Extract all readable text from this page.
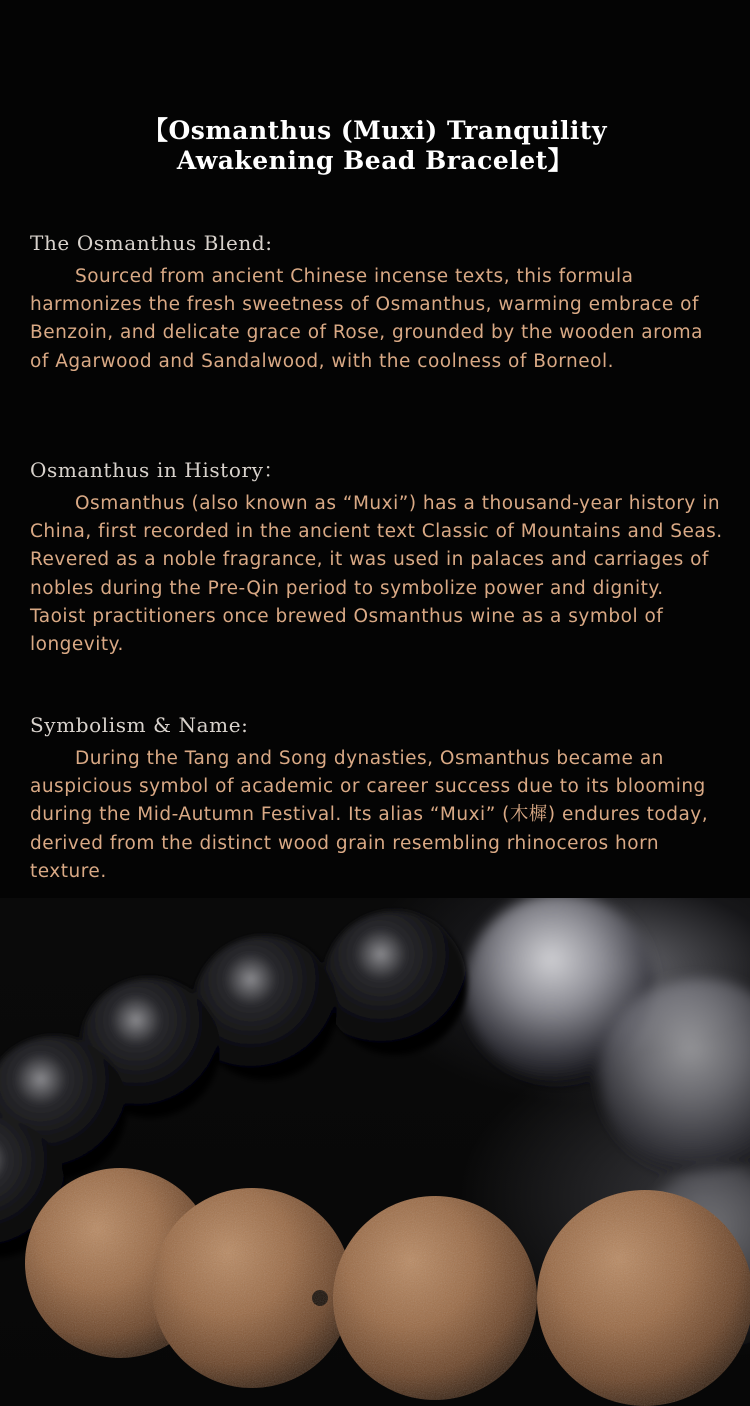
【Osmanthus (Muxi) Tranquility
Awakening Bead Bracelet】
The Osmanthus Blend:

Sourced from ancient Chinese incense texts, this formula harmonizes the fresh sweetness of Osmanthus, warming embrace of Benzoin, and delicate grace of Rose, grounded by the wooden aroma of Agarwood and Sandalwood, with the coolness of Borneol.

Osmanthus in History：

Osmanthus (also known as “Muxi”) has a thousand-year history in China, first recorded in the ancient text Classic of Mountains and Seas. Revered as a noble fragrance, it was used in palaces and carriages of nobles during the Pre-Qin period to symbolize power and dignity. Taoist practitioners once brewed Osmanthus wine as a symbol of longevity.

Symbolism & Name:

During the Tang and Song dynasties, Osmanthus became an auspicious symbol of academic or career success due to its blooming during the Mid-Autumn Festival. Its alias “Muxi” (木樨) endures today, derived from the distinct wood grain resembling rhinoceros horn texture.
